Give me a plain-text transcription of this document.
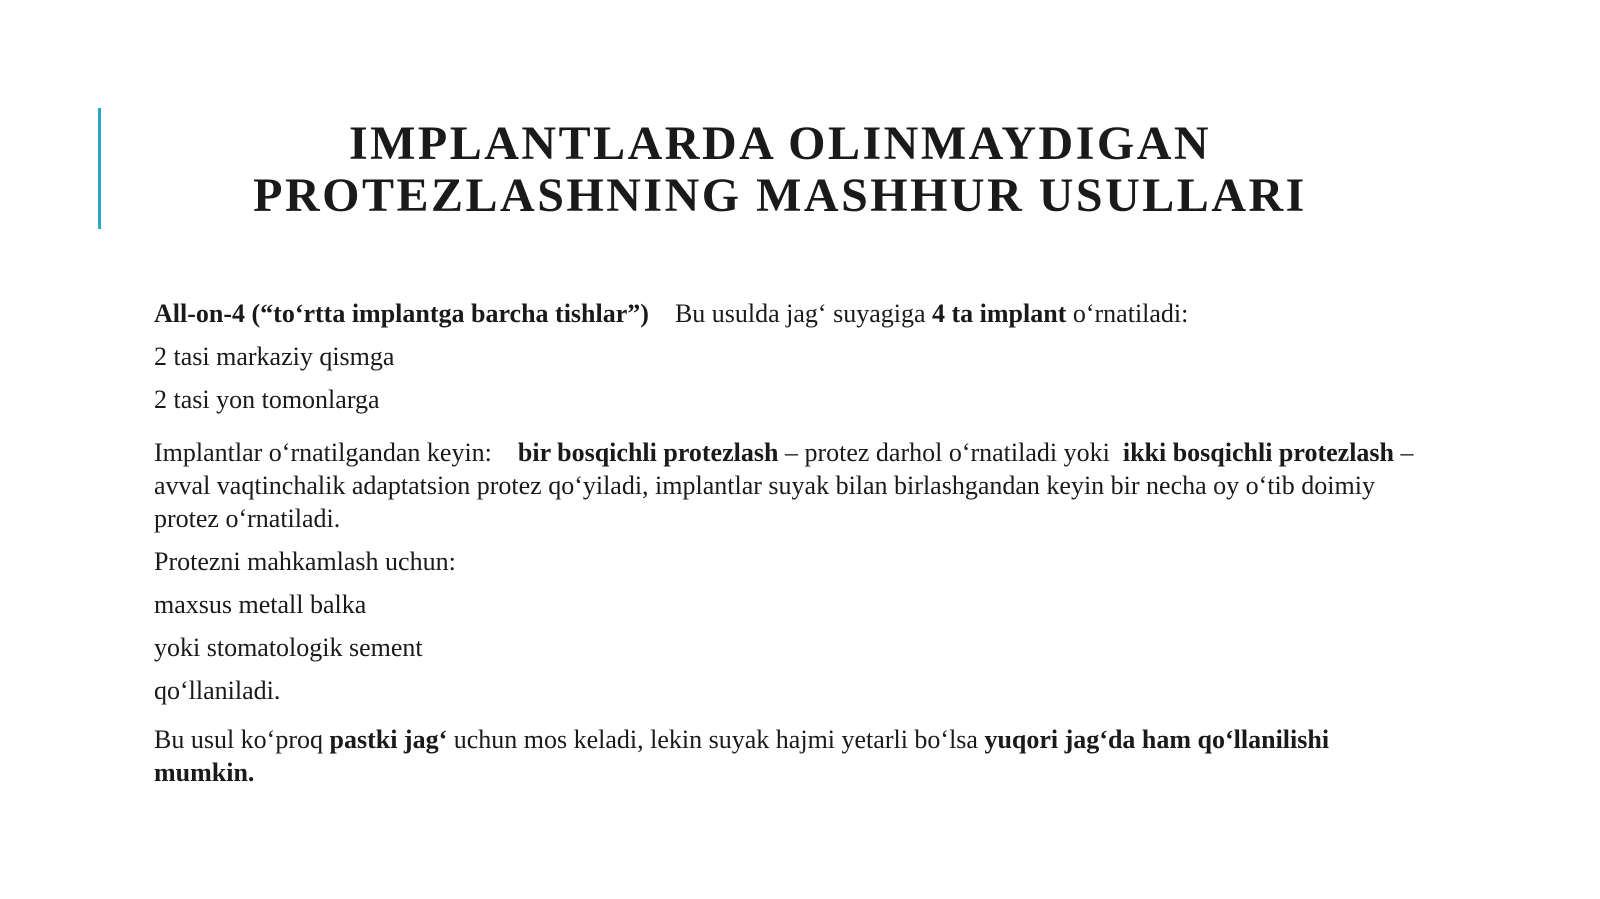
IMPLANTLARDA OLINMAYDIGAN
PROTEZLASHNING MASHHUR USULLARI

All-on-4 (“to‘rtta implantga barcha tishlar”) Bu usulda jag‘ suyagiga 4 ta implant o‘rnatiladi:

2 tasi markaziy qismga

2 tasi yon tomonlarga

Implantlar o‘rnatilgandan keyin: bir bosqichli protezlash – protez darhol o‘rnatiladi yoki  ikki bosqichli protezlash – avval vaqtinchalik adaptatsion protez qo‘yiladi, implantlar suyak bilan birlashgandan keyin bir necha oy o‘tib doimiy protez o‘rnatiladi.

Protezni mahkamlash uchun:

maxsus metall balka

yoki stomatologik sement

qo‘llaniladi.

Bu usul ko‘proq pastki jag‘ uchun mos keladi, lekin suyak hajmi yetarli bo‘lsa yuqori jag‘da ham qo‘llanilishi mumkin.
